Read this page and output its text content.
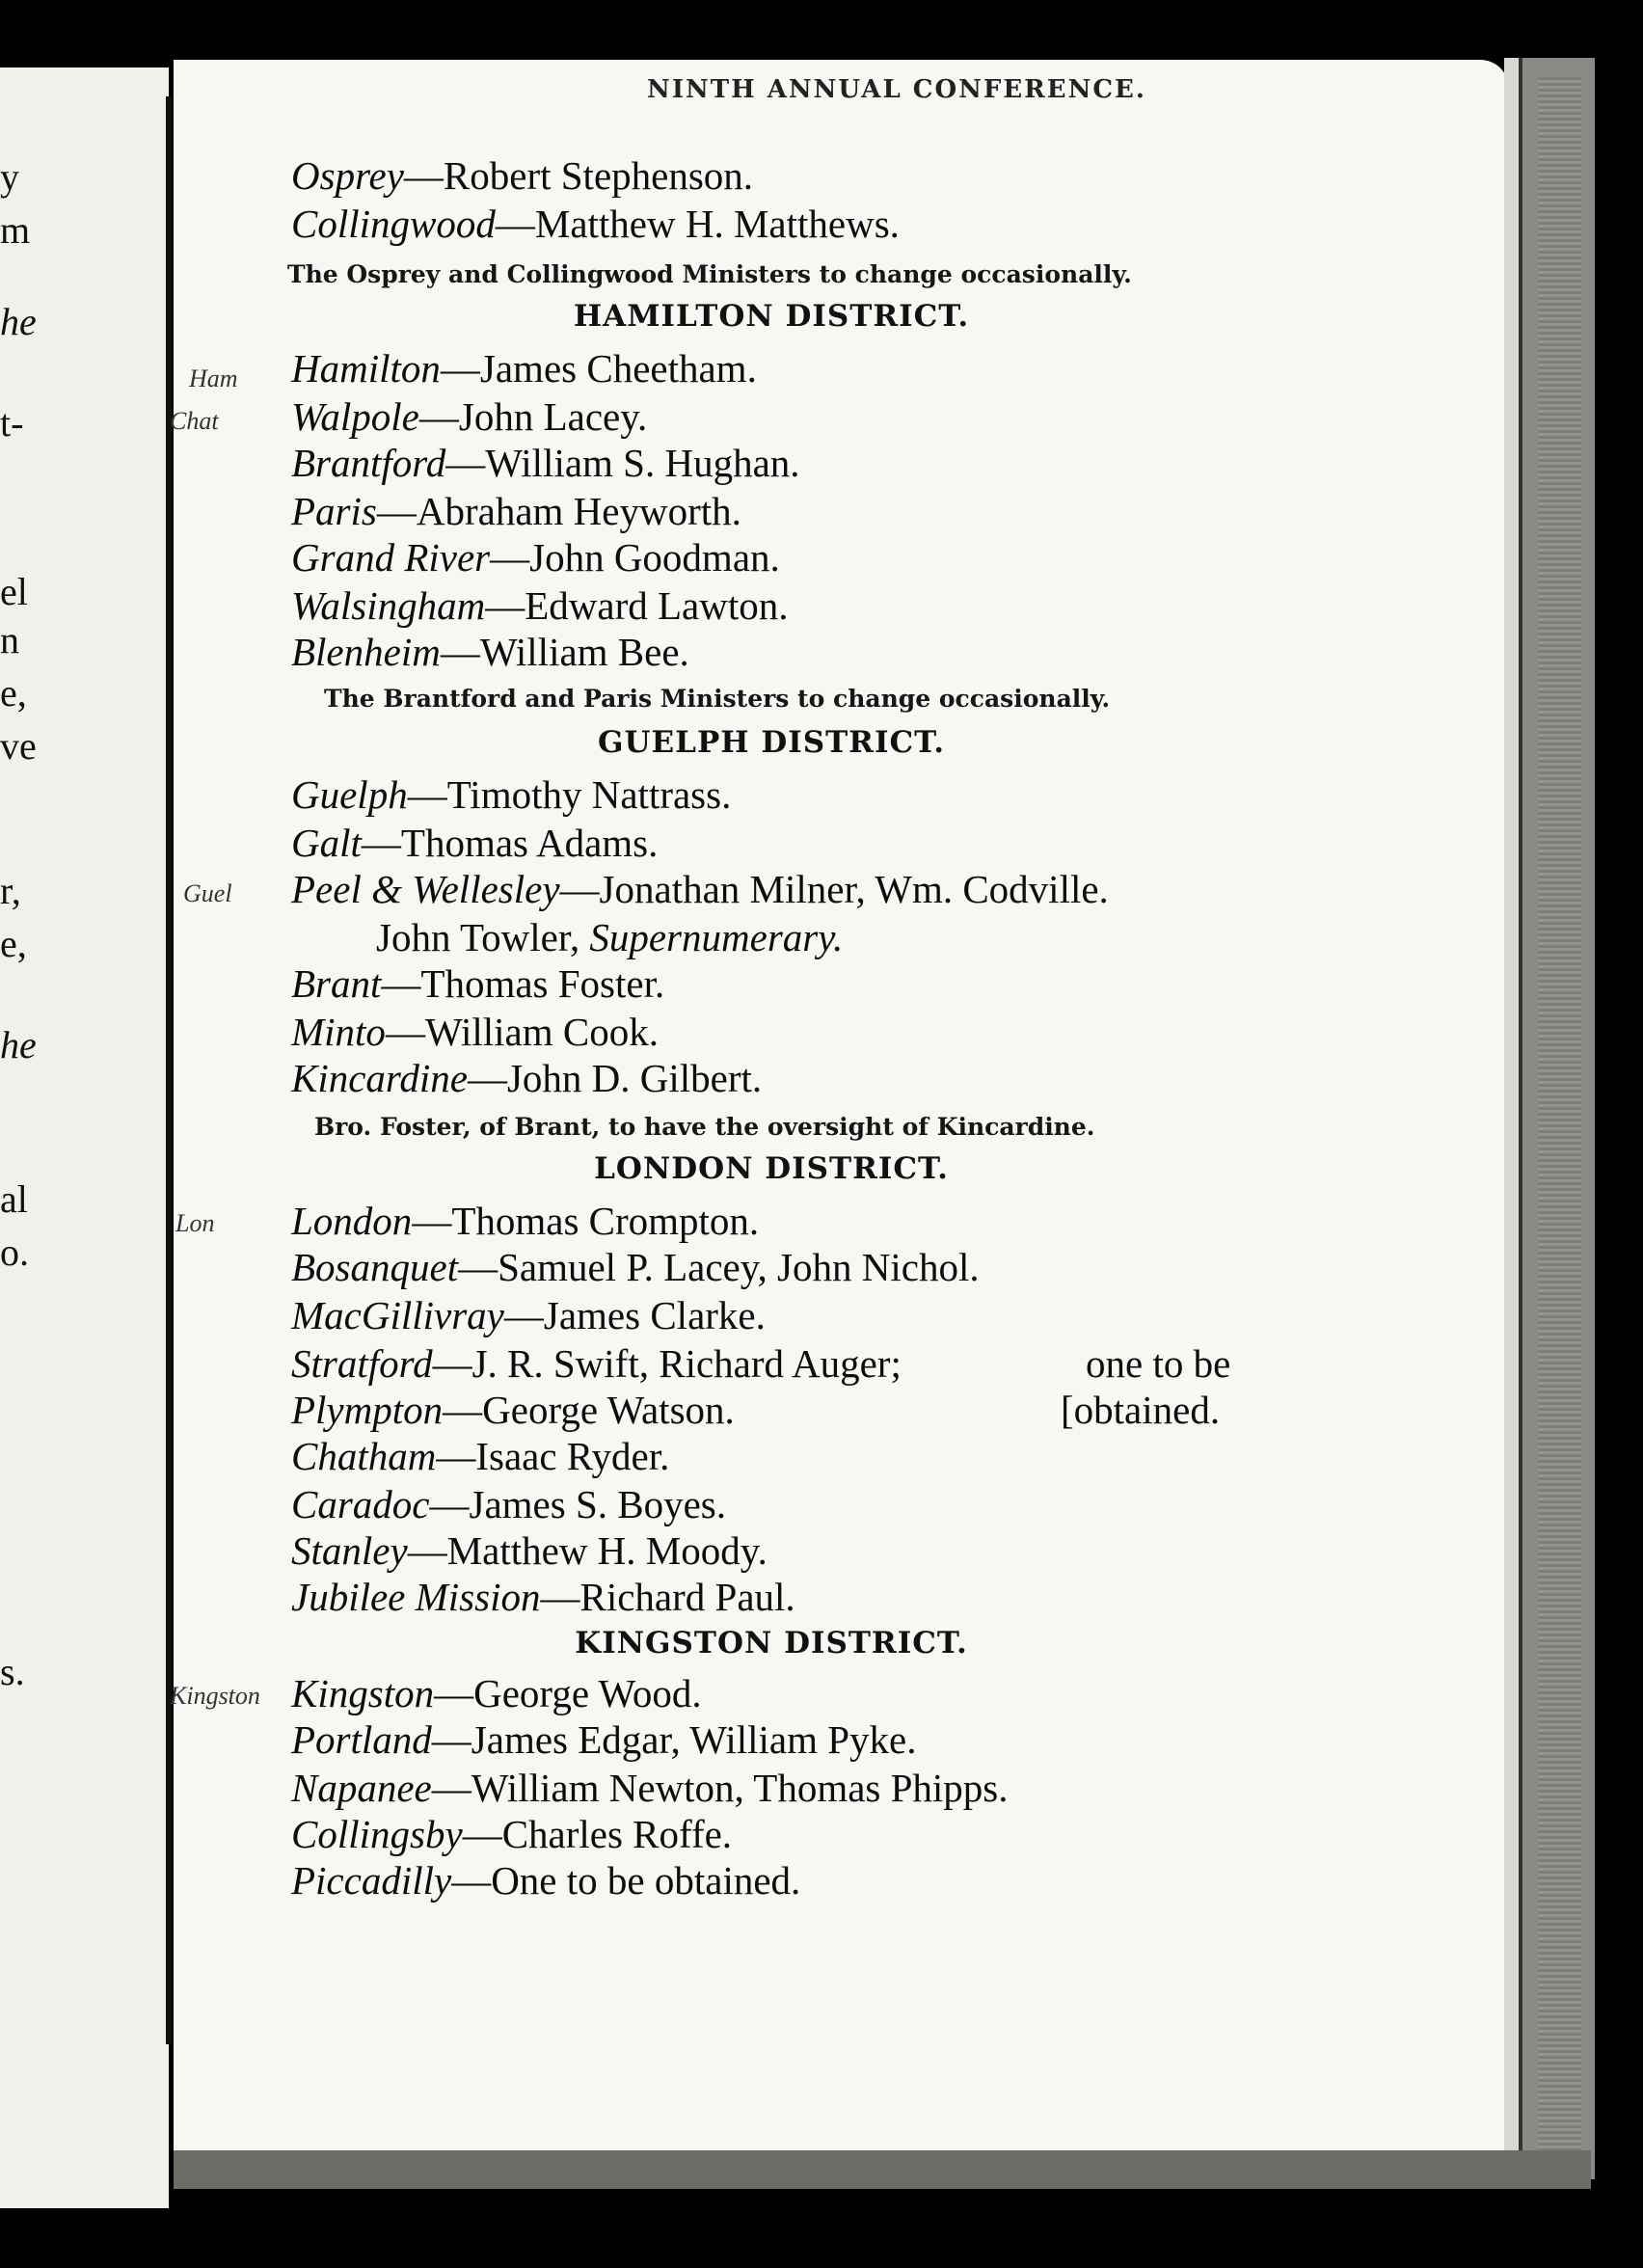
y
m
he
t-
el
n
e,
ve
r,
e,
he
al
o.
s.
NINTH ANNUAL CONFERENCE.
Osprey—Robert Stephenson.
Collingwood—Matthew H. Matthews.
The Osprey and Collingwood Ministers to change occasionally.
HAMILTON DISTRICT.
Hamilton—James Cheetham.
Walpole—John Lacey.
Brantford—William S. Hughan.
Paris—Abraham Heyworth.
Grand River—John Goodman.
Walsingham—Edward Lawton.
Blenheim—William Bee.
The Brantford and Paris Ministers to change occasionally.
GUELPH DISTRICT.
Guelph—Timothy Nattrass.
Galt—Thomas Adams.
Peel & Wellesley—Jonathan Milner, Wm. Codville.
John Towler, Supernumerary.
Brant—Thomas Foster.
Minto—William Cook.
Kincardine—John D. Gilbert.
Bro. Foster, of Brant, to have the oversight of Kincardine.
LONDON DISTRICT.
London—Thomas Crompton.
Bosanquet—Samuel P. Lacey, John Nichol.
MacGillivray—James Clarke.
one to be
Stratford—J. R. Swift, Richard Auger;
[obtained.
Plympton—George Watson.
Chatham—Isaac Ryder.
Caradoc—James S. Boyes.
Stanley—Matthew H. Moody.
Jubilee Mission—Richard Paul.
KINGSTON DISTRICT.
Kingston—George Wood.
Portland—James Edgar, William Pyke.
Napanee—William Newton, Thomas Phipps.
Collingsby—Charles Roffe.
Piccadilly—One to be obtained.
Ham
Chat
Guel
Lon
Kingston
